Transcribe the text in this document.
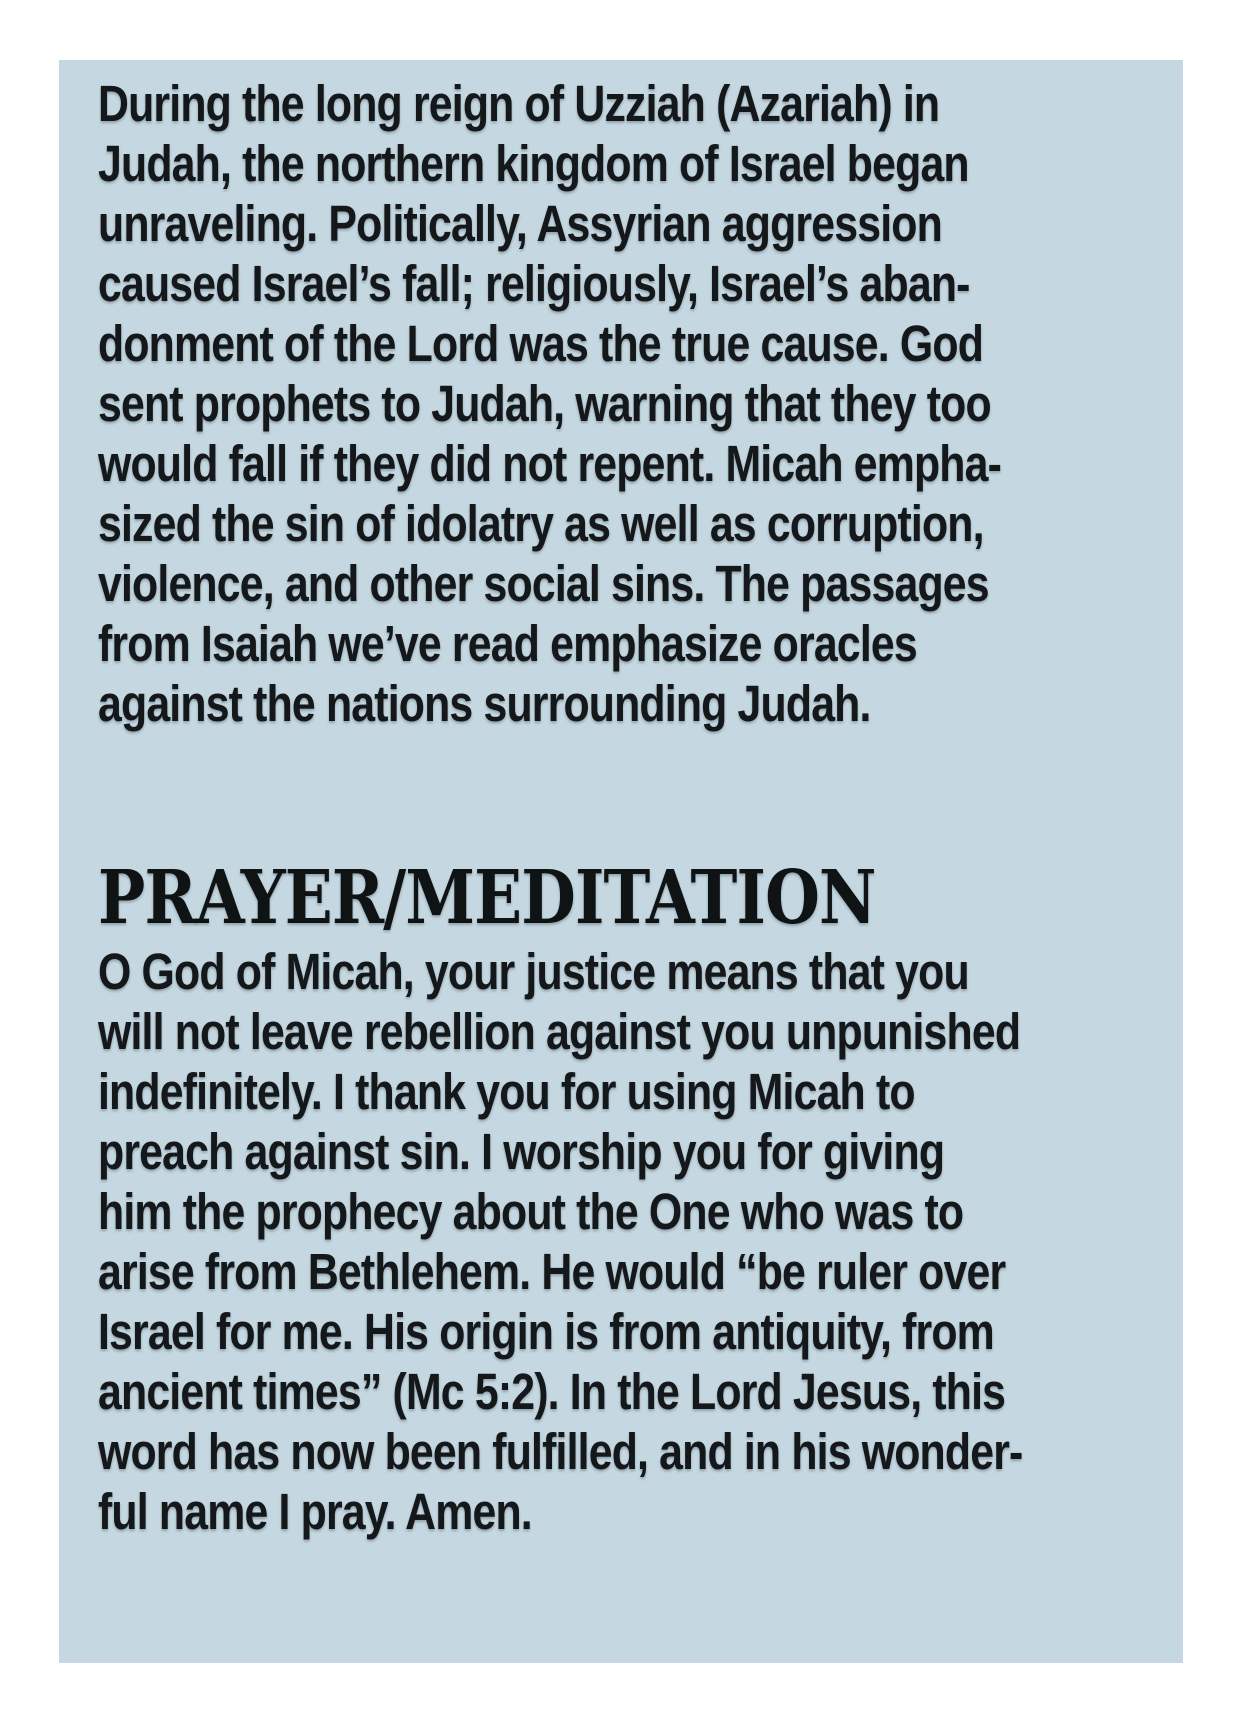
During the long reign of Uzziah (Azariah) in
Judah, the northern kingdom of Israel began
unraveling. Politically, Assyrian aggression
caused Israel’s fall; religiously, Israel’s aban-
donment of the Lord was the true cause. God
sent prophets to Judah, warning that they too
would fall if they did not repent. Micah empha-
sized the sin of idolatry as well as corruption,
violence, and other social sins. The passages
from Isaiah we’ve read emphasize oracles
against the nations surrounding Judah.
PRAYER/MEDITATION
O God of Micah, your justice means that you
will not leave rebellion against you unpunished
indefinitely. I thank you for using Micah to
preach against sin. I worship you for giving
him the prophecy about the One who was to
arise from Bethlehem. He would “be ruler over
Israel for me. His origin is from antiquity, from
ancient times” (Mc 5:2). In the Lord Jesus, this
word has now been fulfilled, and in his wonder-
ful name I pray. Amen.
